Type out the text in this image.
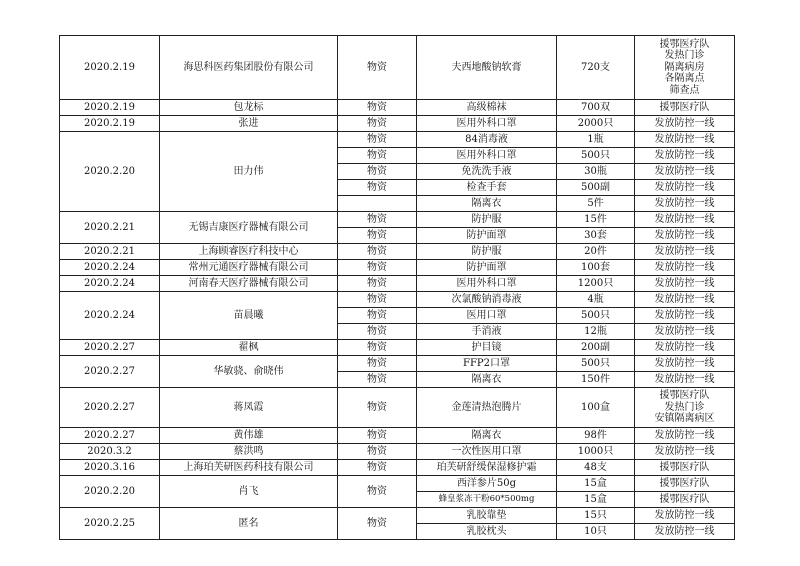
2020.2.19	海思科医药集团股份有限公司	物资	夫西地酸钠软膏	720支	援鄂医疗队
发热门诊
隔离病房
各隔离点
筛查点

2020.2.19	包龙标	物资	高级棉袜	700双	援鄂医疗队
2020.2.19	张进	物资	医用外科口罩	2000只	发放防控一线
2020.2.20	田力伟	物资	84消毒液	1瓶	发放防控一线
		物资	医用外科口罩	500只	发放防控一线
		物资	免洗洗手液	30瓶	发放防控一线
		物资	检查手套	500副	发放防控一线
			隔离衣	5件	发放防控一线
2020.2.21	无锡吉康医疗器械有限公司	物资	防护服	15件	发放防控一线
		物资	防护面罩	30套	发放防控一线
2020.2.21	上海顾睿医疗科技中心	物资	防护服	20件	发放防控一线
2020.2.24	常州元通医疗器械有限公司	物资	防护面罩	100套	发放防控一线
2020.2.24	河南春天医疗器械有限公司	物资	医用外科口罩	1200只	发放防控一线
2020.2.24	苗晨曦	物资	次氯酸钠消毒液	4瓶	发放防控一线
		物资	医用口罩	500只	发放防控一线
		物资	手消液	12瓶	发放防控一线
2020.2.27	翟枫	物资	护目镜	200副	发放防控一线
2020.2.27	华敏骁、俞晓伟	物资	FFP2口罩	500只	发放防控一线
		物资	隔离衣	150件	发放防控一线
2020.2.27	蒋凤霞	物资	金莲清热泡腾片	100盒	援鄂医疗队
发热门诊
安镇隔离病区

2020.2.27	黄伟雄	物资	隔离衣	98件	发放防控一线
2020.3.2	蔡洪鸣	物资	一次性医用口罩	1000只	发放防控一线
2020.3.16	上海珀芙研医药科技有限公司	物资	珀芙研舒缓保湿修护霜	48支	援鄂医疗队
2020.2.20	肖飞	物资	西洋参片50g	15盒	援鄂医疗队
			蜂皇浆冻干粉60*500mg	15盒	援鄂医疗队
2020.2.25	匿名	物资	乳胶靠垫	15只	发放防控一线
			乳胶枕头	10只	发放防控一线
